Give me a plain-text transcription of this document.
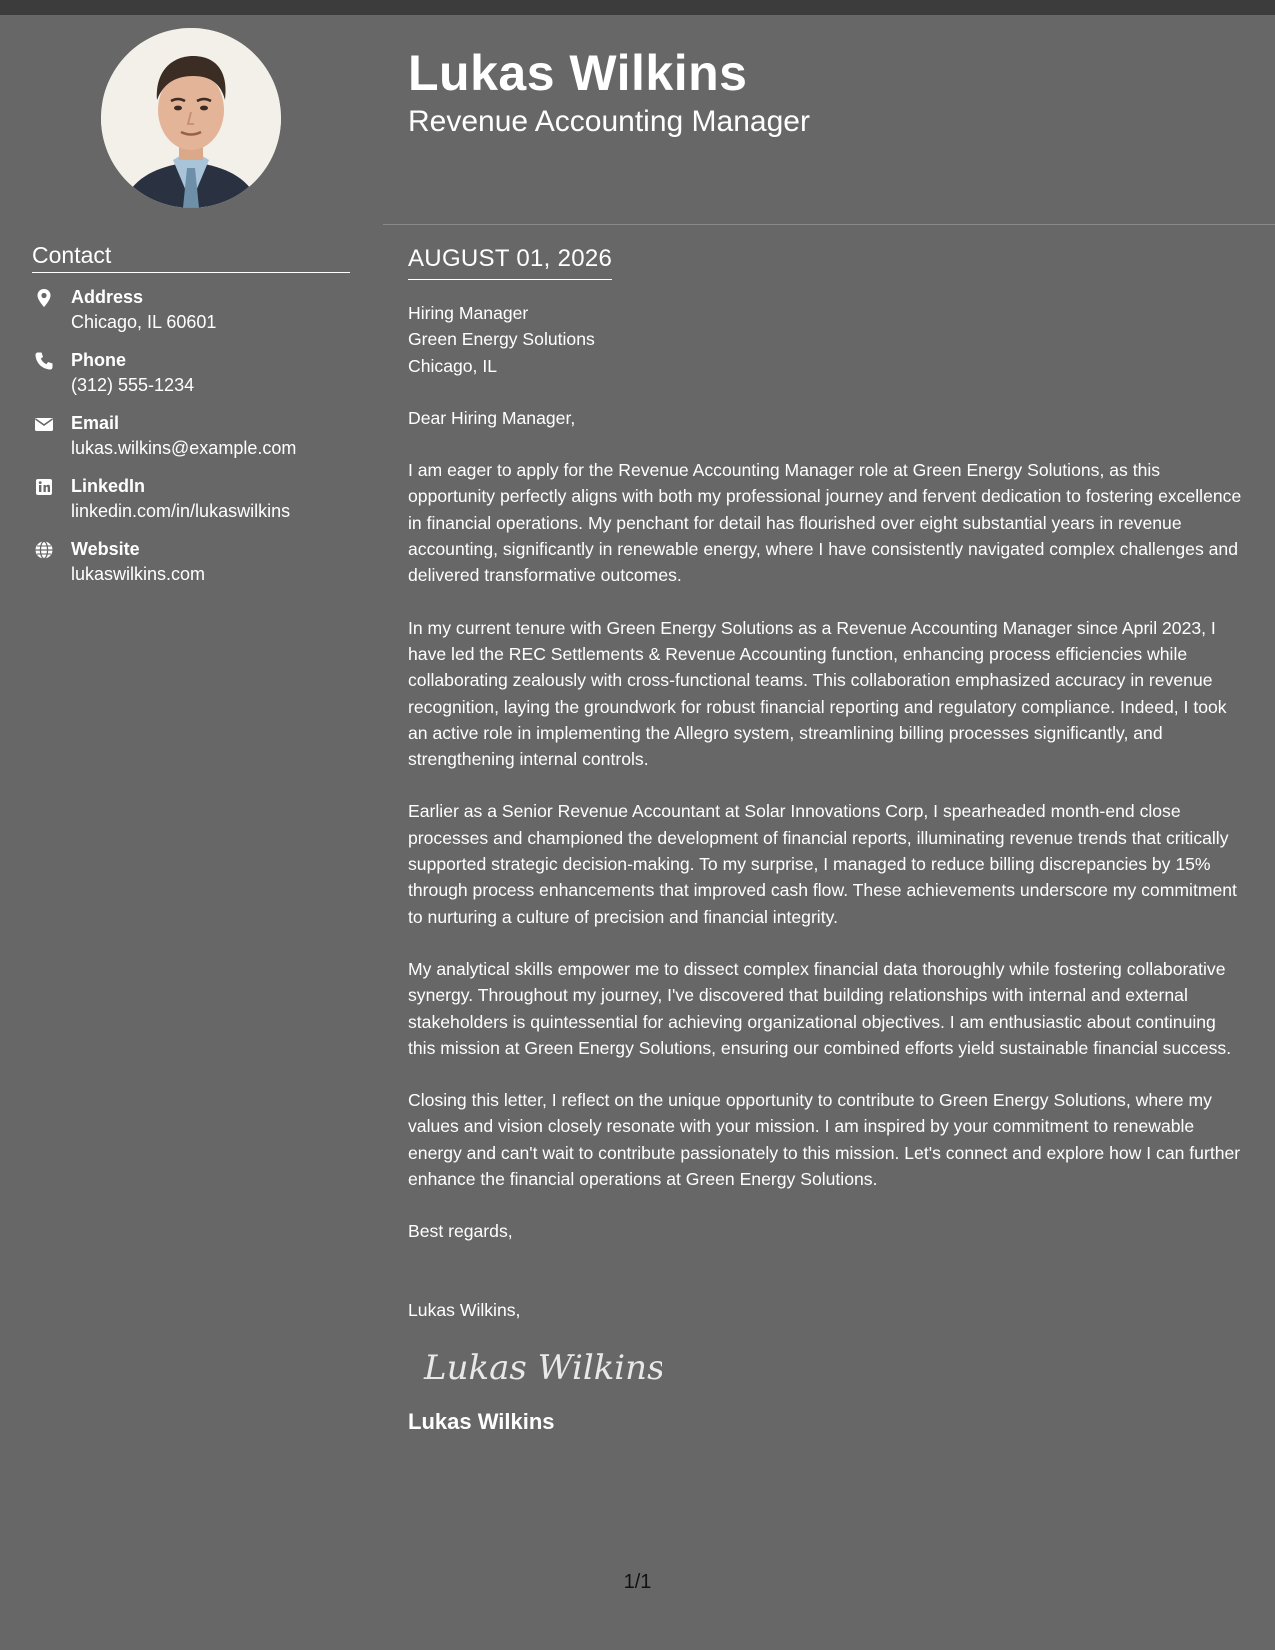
Contact
Address
Chicago, IL 60601
Phone
(312) 555-1234
Email
lukas.wilkins@example.com
LinkedIn
linkedin.com/in/lukaswilkins
Website
lukaswilkins.com
Lukas Wilkins
Revenue Accounting Manager
AUGUST 01, 2026
Hiring Manager
Green Energy Solutions
Chicago, IL

Dear Hiring Manager,

I am eager to apply for the Revenue Accounting Manager role at Green Energy Solutions, as this opportunity perfectly aligns with both my professional journey and fervent dedication to fostering excellence in financial operations. My penchant for detail has flourished over eight substantial years in revenue accounting, significantly in renewable energy, where I have consistently navigated complex challenges and delivered transformative outcomes.

In my current tenure with Green Energy Solutions as a Revenue Accounting Manager since April 2023, I have led the REC Settlements & Revenue Accounting function, enhancing process efficiencies while collaborating zealously with cross-functional teams. This collaboration emphasized accuracy in revenue recognition, laying the groundwork for robust financial reporting and regulatory compliance. Indeed, I took an active role in implementing the Allegro system, streamlining billing processes significantly, and strengthening internal controls.

Earlier as a Senior Revenue Accountant at Solar Innovations Corp, I spearheaded month-end close processes and championed the development of financial reports, illuminating revenue trends that critically supported strategic decision-making. To my surprise, I managed to reduce billing discrepancies by 15% through process enhancements that improved cash flow. These achievements underscore my commitment to nurturing a culture of precision and financial integrity.

My analytical skills empower me to dissect complex financial data thoroughly while fostering collaborative synergy. Throughout my journey, I've discovered that building relationships with internal and external stakeholders is quintessential for achieving organizational objectives. I am enthusiastic about continuing this mission at Green Energy Solutions, ensuring our combined efforts yield sustainable financial success.

Closing this letter, I reflect on the unique opportunity to contribute to Green Energy Solutions, where my values and vision closely resonate with your mission. I am inspired by your commitment to renewable energy and can't wait to contribute passionately to this mission. Let's connect and explore how I can further enhance the financial operations at Green Energy Solutions.

Best regards,

Lukas Wilkins,

Lukas Wilkins
Lukas Wilkins
1/1
